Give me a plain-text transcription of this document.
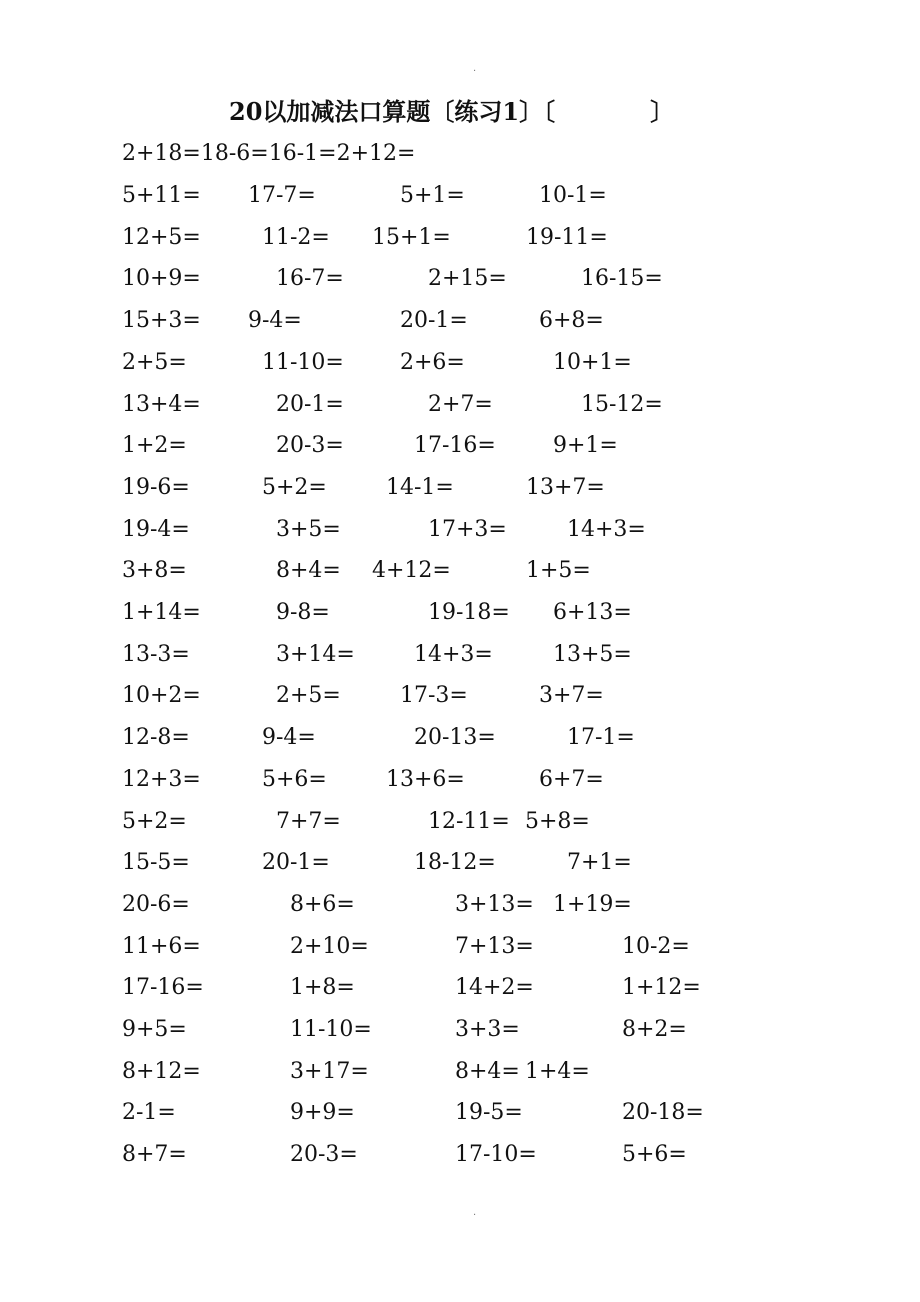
·
20以加减法口算题〔练习1〕〔	〕
2+18=18-6=16-1=2+12=
5+11= 17-7=	5+1=	10-1=
12+5=	11-2= 15+1=	19-11=
10+9=	16-7=	2+15=	16-15=
15+3= 9-4=	20-1=	6+8=
2+5=	11-10=	2+6=	10+1=
13+4=	20-1=	2+7=	15-12=
1+2=	20-3=	17-16=	9+1=
19-6=	5+2=	14-1=	13+7=
19-4=	3+5=	17+3=	14+3=
3+8=	8+4= 4+12=	1+5=
1+14=	9-8=	19-18= 6+13=
13-3=	3+14=	14+3=	13+5=
10+2=	2+5=	17-3=	3+7=
12-8=	9-4=	20-13=	17-1=
12+3=	5+6=	13+6=	6+7=
5+2=	7+7=	12-11= 5+8=
15-5=	20-1=	18-12=	7+1=
20-6=	8+6=	3+13= 1+19=
11+6=	2+10=	7+13=	10-2=
17-16=	1+8=	14+2=	1+12=
9+5=	11-10=	3+3=	8+2=
8+12=	3+17=	8+4= 1+4=
2-1=	9+9=	19-5=	20-18=
8+7=	20-3=	17-10=	5+6=
·
